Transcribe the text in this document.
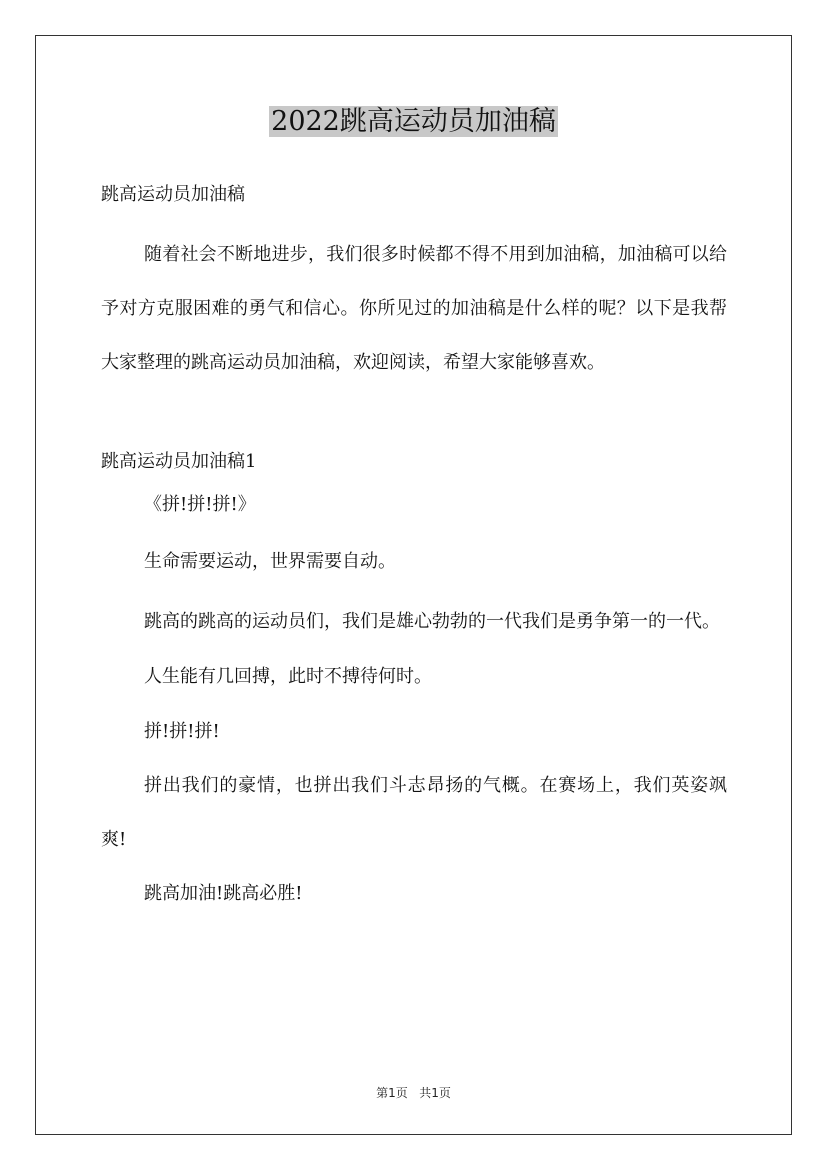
2022跳高运动员加油稿
跳高运动员加油稿
随着社会不断地进步，我们很多时候都不得不用到加油稿，加油稿可以给予对方克服困难的勇气和信心。你所见过的加油稿是什么样的呢？以下是我帮大家整理的跳高运动员加油稿，欢迎阅读，希望大家能够喜欢。
跳高运动员加油稿1
《拼!拼!拼!》
生命需要运动，世界需要自动。
跳高的跳高的运动员们，我们是雄心勃勃的一代我们是勇争第一的一代。
人生能有几回搏，此时不搏待何时。
拼!拼!拼!
拼出我们的豪情，也拼出我们斗志昂扬的气概。在赛场上，我们英姿飒爽!
跳高加油!跳高必胜!
第1页   共1页
